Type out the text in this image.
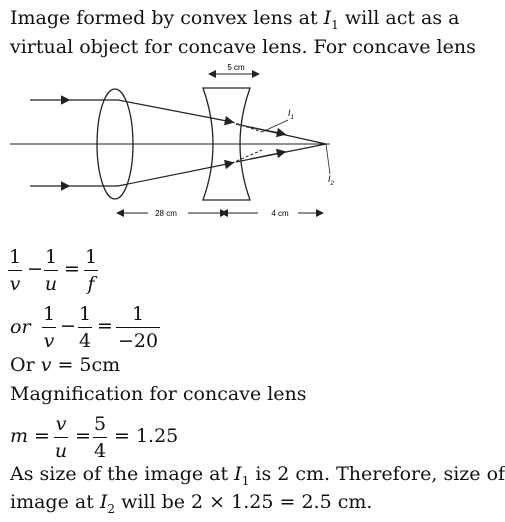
Image formed by convex lens at $I_1$ will act as a
virtual object for concave lens. For concave lens
5 cm
$I_1$
$I_2$
28 cm	4 cm
1
v
−
1
u
=
1
f
or
1
v
−
1
4
=
1
−20
Or v = 5cm
Magnification for concave lens
m =
v
u
=
5
4
= 1.25
As size of the image at $I_1$ is 2 cm. Therefore, size of
image at $I_2$ will be 2 × 1.25 = 2.5 cm.
